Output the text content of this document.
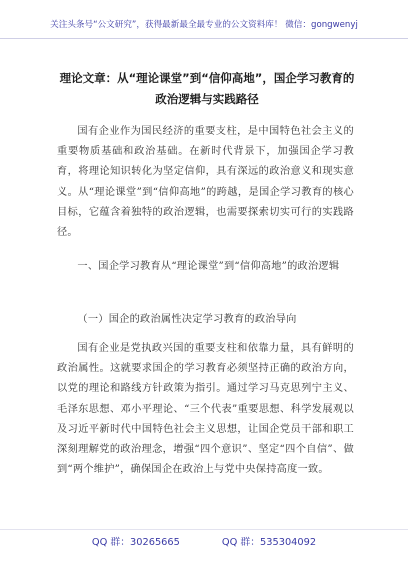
关注头条号“公文研究”，获得最新最全最专业的公文资料库！ 微信：gongwenyj
理论文章：从“理论课堂”到“信仰高地”，国企学习教育的政治逻辑与实践路径
国有企业作为国民经济的重要支柱，是中国特色社会主义的重要物质基础和政治基础。在新时代背景下，加强国企学习教育，将理论知识转化为坚定信仰，具有深远的政治意义和现实意义。从“理论课堂”到“信仰高地”的跨越，是国企学习教育的核心目标，它蕴含着独特的政治逻辑，也需要探索切实可行的实践路径。
一、国企学习教育从“理论课堂”到“信仰高地”的政治逻辑
（一）国企的政治属性决定学习教育的政治导向
国有企业是党执政兴国的重要支柱和依靠力量，具有鲜明的政治属性。这就要求国企的学习教育必须坚持正确的政治方向，以党的理论和路线方针政策为指引。通过学习马克思列宁主义、毛泽东思想、邓小平理论、“三个代表”重要思想、科学发展观以及习近平新时代中国特色社会主义思想，让国企党员干部和职工深刻理解党的政治理念，增强“四个意识”、坚定“四个自信”、做到“两个维护”，确保国企在政治上与党中央保持高度一致。
QQ 群：30265665	QQ 群：535304092
